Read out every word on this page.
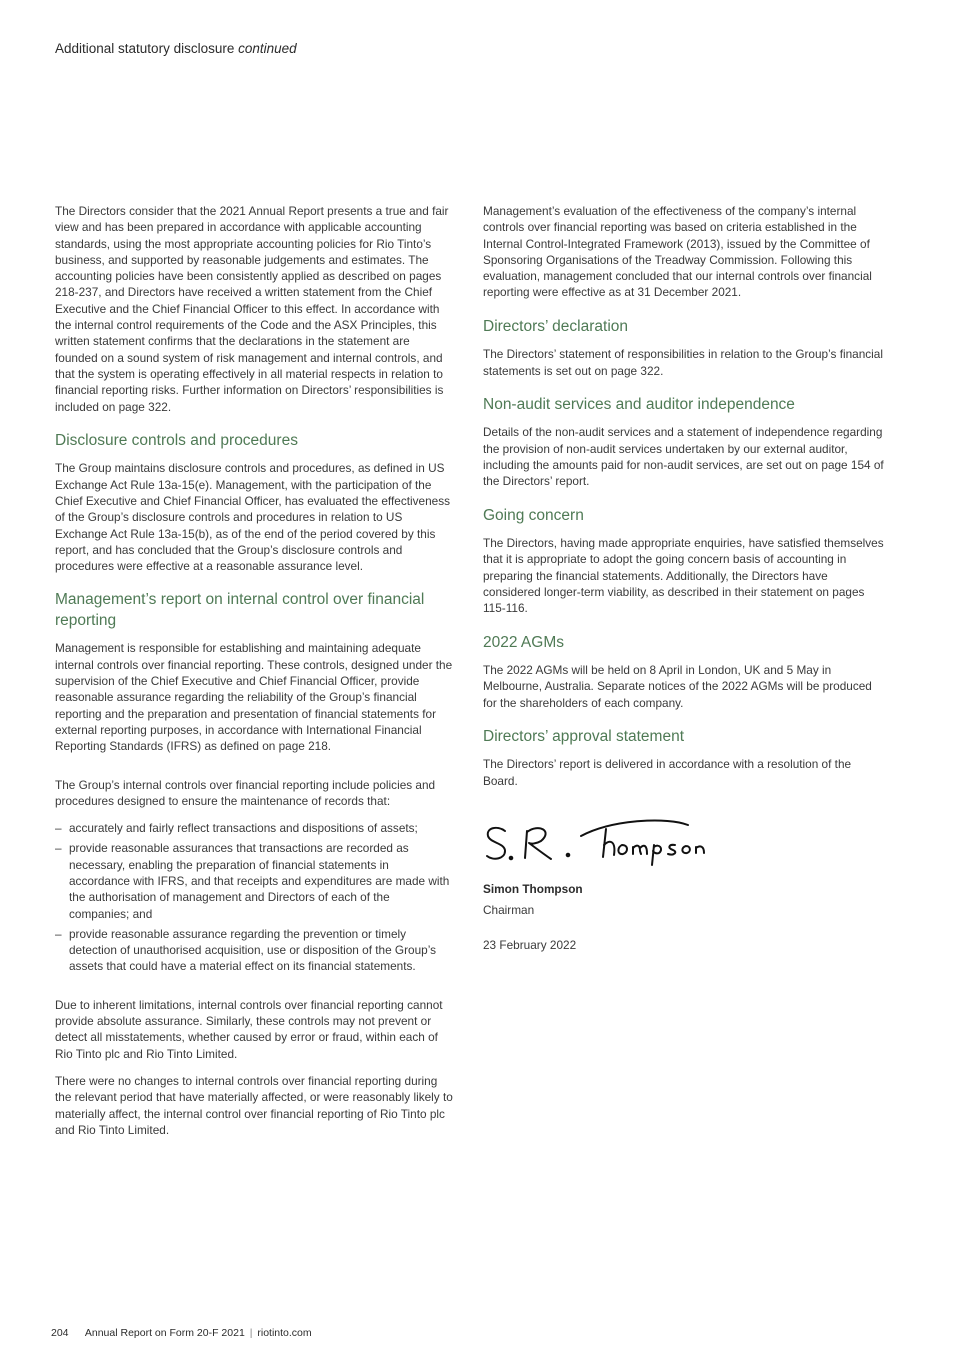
Additional statutory disclosure continued

The Directors consider that the 2021 Annual Report presents a true and fair view and has been prepared in accordance with applicable accounting standards, using the most appropriate accounting policies for Rio Tinto’s business, and supported by reasonable judgements and estimates. The accounting policies have been consistently applied as described on pages 218-237, and Directors have received a written statement from the Chief Executive and the Chief Financial Officer to this effect. In accordance with the internal control requirements of the Code and the ASX Principles, this written statement confirms that the declarations in the statement are founded on a sound system of risk management and internal controls, and that the system is operating effectively in all material respects in relation to financial reporting risks. Further information on Directors’ responsibilities is included on page 322.

Disclosure controls and procedures

The Group maintains disclosure controls and procedures, as defined in US Exchange Act Rule 13a-15(e). Management, with the participation of the Chief Executive and Chief Financial Officer, has evaluated the effectiveness of the Group’s disclosure controls and procedures in relation to US Exchange Act Rule 13a-15(b), as of the end of the period covered by this report, and has concluded that the Group’s disclosure controls and procedures were effective at a reasonable assurance level.

Management’s report on internal control over financial reporting

Management is responsible for establishing and maintaining adequate internal controls over financial reporting. These controls, designed under the supervision of the Chief Executive and Chief Financial Officer, provide reasonable assurance regarding the reliability of the Group’s financial reporting and the preparation and presentation of financial statements for external reporting purposes, in accordance with International Financial Reporting Standards (IFRS) as defined on page 218.

The Group’s internal controls over financial reporting include policies and procedures designed to ensure the maintenance of records that:

– accurately and fairly reflect transactions and dispositions of assets;
– provide reasonable assurances that transactions are recorded as necessary, enabling the preparation of financial statements in accordance with IFRS, and that receipts and expenditures are made with the authorisation of management and Directors of each of the companies; and
– provide reasonable assurance regarding the prevention or timely detection of unauthorised acquisition, use or disposition of the Group’s assets that could have a material effect on its financial statements.

Due to inherent limitations, internal controls over financial reporting cannot provide absolute assurance. Similarly, these controls may not prevent or detect all misstatements, whether caused by error or fraud, within each of Rio Tinto plc and Rio Tinto Limited.

There were no changes to internal controls over financial reporting during the relevant period that have materially affected, or were reasonably likely to materially affect, the internal control over financial reporting of Rio Tinto plc and Rio Tinto Limited.

Management’s evaluation of the effectiveness of the company’s internal controls over financial reporting was based on criteria established in the Internal Control-Integrated Framework (2013), issued by the Committee of Sponsoring Organisations of the Treadway Commission. Following this evaluation, management concluded that our internal controls over financial reporting were effective as at 31 December 2021.

Directors’ declaration

The Directors’ statement of responsibilities in relation to the Group’s financial statements is set out on page 322.

Non-audit services and auditor independence

Details of the non-audit services and a statement of independence regarding the provision of non-audit services undertaken by our external auditor, including the amounts paid for non-audit services, are set out on page 154 of the Directors’ report.

Going concern

The Directors, having made appropriate enquiries, have satisfied themselves that it is appropriate to adopt the going concern basis of accounting in preparing the financial statements. Additionally, the Directors have considered longer-term viability, as described in their statement on pages 115-116.

2022 AGMs

The 2022 AGMs will be held on 8 April in London, UK and 5 May in Melbourne, Australia. Separate notices of the 2022 AGMs will be produced for the shareholders of each company.

Directors’ approval statement

The Directors’ report is delivered in accordance with a resolution of the Board.

Simon Thompson

Chairman

23 February 2022

204 Annual Report on Form 20-F 2021 | riotinto.com
